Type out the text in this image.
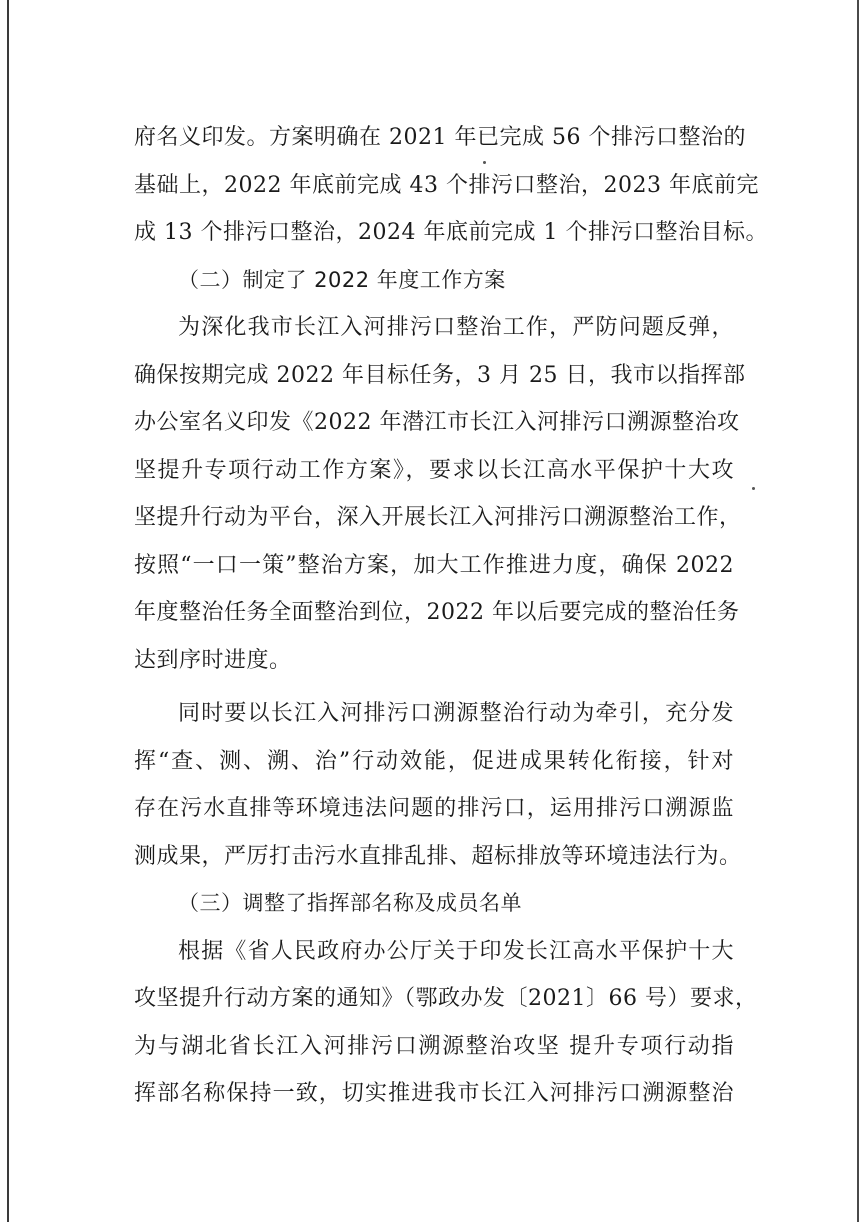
府名义印发。方案明确在 2021 年已完成 56 个排污口整治的
基础上，2022 年底前完成 43 个排污口整治，2023 年底前完
成 13 个排污口整治，2024 年底前完成 1 个排污口整治目标。
（二）制定了 2022 年度工作方案
为深化我市长江入河排污口整治工作，严防问题反弹，
确保按期完成 2022 年目标任务，3 月 25 日，我市以指挥部
办公室名义印发《2022 年潜江市长江入河排污口溯源整治攻
坚提升专项行动工作方案》，要求以长江高水平保护十大攻
坚提升行动为平台，深入开展长江入河排污口溯源整治工作，
按照“一口一策”整治方案，加大工作推进力度，确保 2022
年度整治任务全面整治到位，2022 年以后要完成的整治任务
达到序时进度。
同时要以长江入河排污口溯源整治行动为牵引，充分发
挥“查、测、溯、治”行动效能，促进成果转化衔接，针对
存在污水直排等环境违法问题的排污口，运用排污口溯源监
测成果，严厉打击污水直排乱排、超标排放等环境违法行为。
（三）调整了指挥部名称及成员名单
根据《省人民政府办公厅关于印发长江高水平保护十大
攻坚提升行动方案的通知》（鄂政办发〔2021〕66 号）要求，
为与湖北省长江入河排污口溯源整治攻坚 提升专项行动指
挥部名称保持一致，切实推进我市长江入河排污口溯源整治
